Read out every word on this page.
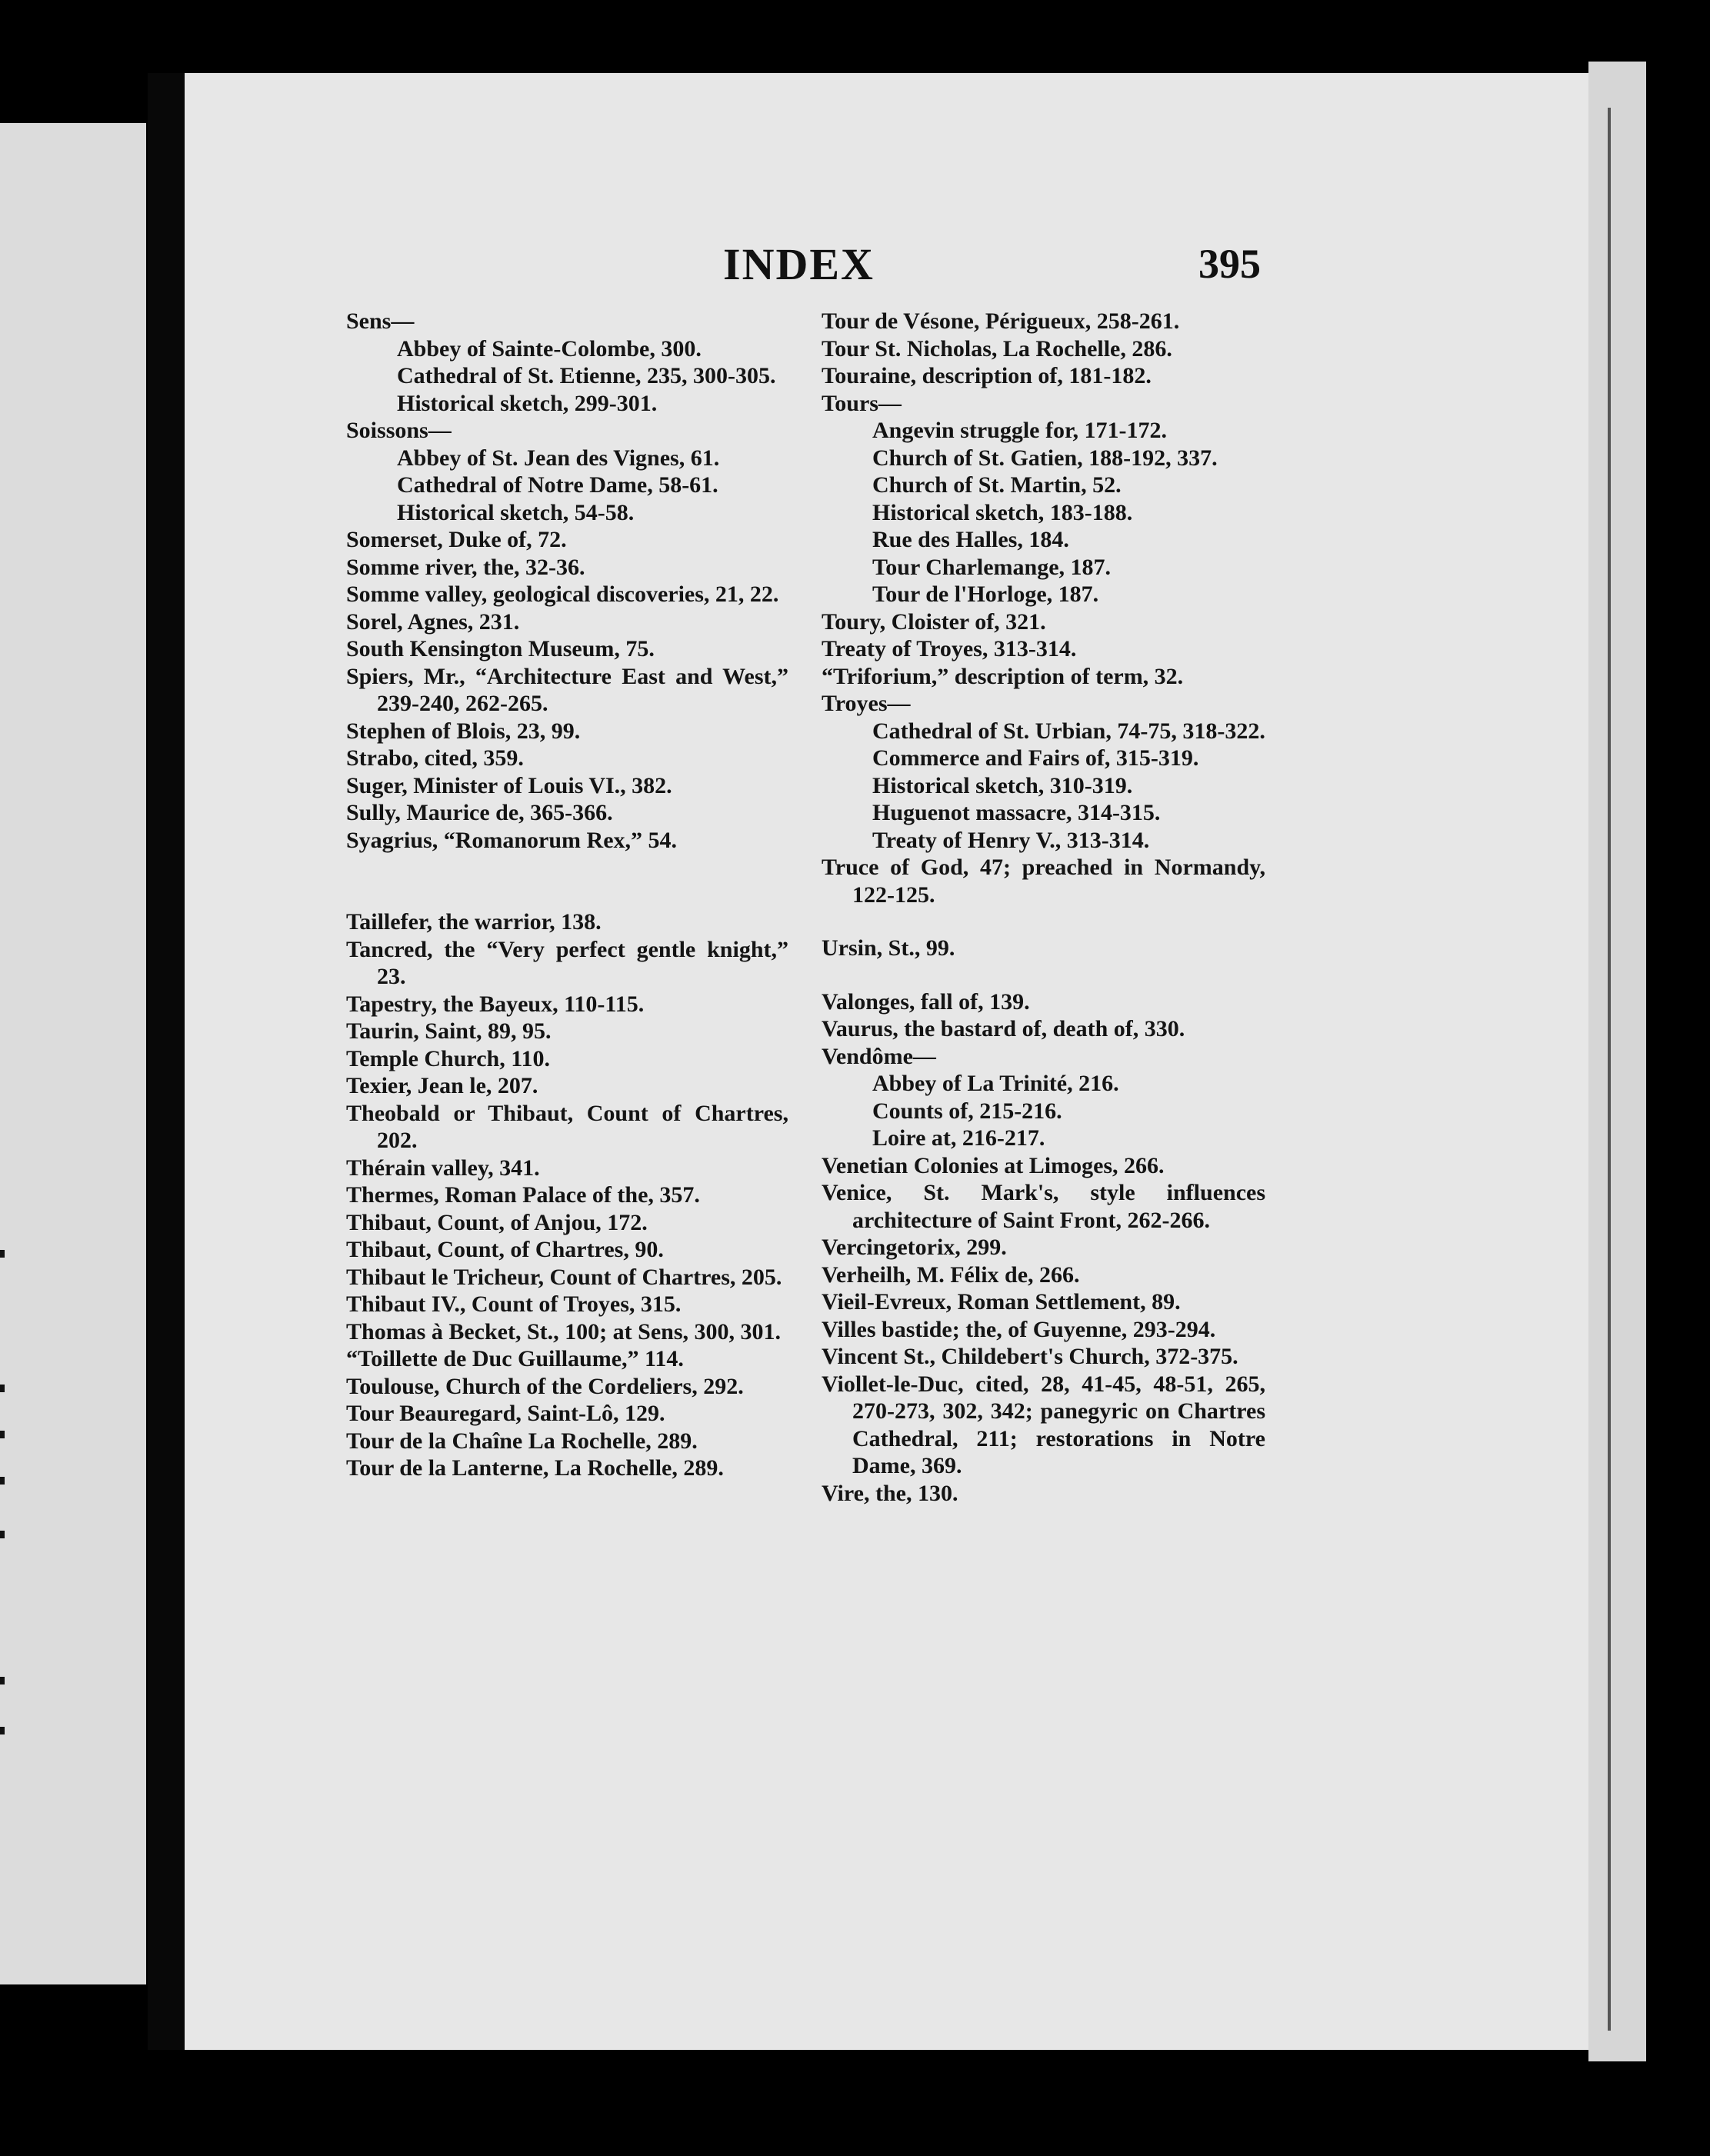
INDEX	395
Sens—
Abbey of Sainte-Colombe, 300.
Cathedral of St. Etienne, 235, 300-305.
Historical sketch, 299-301.
Soissons—
Abbey of St. Jean des Vignes, 61.
Cathedral of Notre Dame, 58-61.
Historical sketch, 54-58.
Somerset, Duke of, 72.
Somme river, the, 32-36.
Somme valley, geological discoveries, 21, 22.
Sorel, Agnes, 231.
South Kensington Museum, 75.
Spiers, Mr., “Architecture East and West,” 239-240, 262-265.
Stephen of Blois, 23, 99.
Strabo, cited, 359.
Suger, Minister of Louis VI., 382.
Sully, Maurice de, 365-366.
Syagrius, “Romanorum Rex,” 54.
Taillefer, the warrior, 138.
Tancred, the “Very perfect gentle knight,” 23.
Tapestry, the Bayeux, 110-115.
Taurin, Saint, 89, 95.
Temple Church, 110.
Texier, Jean le, 207.
Theobald or Thibaut, Count of Chartres, 202.
Thérain valley, 341.
Thermes, Roman Palace of the, 357.
Thibaut, Count, of Anjou, 172.
Thibaut, Count, of Chartres, 90.
Thibaut le Tricheur, Count of Chartres, 205.
Thibaut IV., Count of Troyes, 315.
Thomas à Becket, St., 100; at Sens, 300, 301.
“Toillette de Duc Guillaume,” 114.
Toulouse, Church of the Cordeliers, 292.
Tour Beauregard, Saint-Lô, 129.
Tour de la Chaîne La Rochelle, 289.
Tour de la Lanterne, La Rochelle, 289.
Tour de Vésone, Périgueux, 258-261.
Tour St. Nicholas, La Rochelle, 286.
Touraine, description of, 181-182.
Tours—
Angevin struggle for, 171-172.
Church of St. Gatien, 188-192, 337.
Church of St. Martin, 52.
Historical sketch, 183-188.
Rue des Halles, 184.
Tour Charlemange, 187.
Tour de l'Horloge, 187.
Toury, Cloister of, 321.
Treaty of Troyes, 313-314.
“Triforium,” description of term, 32.
Troyes—
Cathedral of St. Urbian, 74-75, 318-322.
Commerce and Fairs of, 315-319.
Historical sketch, 310-319.
Huguenot massacre, 314-315.
Treaty of Henry V., 313-314.
Truce of God, 47; preached in Normandy, 122-125.
Ursin, St., 99.
Valonges, fall of, 139.
Vaurus, the bastard of, death of, 330.
Vendôme—
Abbey of La Trinité, 216.
Counts of, 215-216.
Loire at, 216-217.
Venetian Colonies at Limoges, 266.
Venice, St. Mark's, style influences architecture of Saint Front, 262-266.
Vercingetorix, 299.
Verheilh, M. Félix de, 266.
Vieil-Evreux, Roman Settlement, 89.
Villes bastide; the, of Guyenne, 293-294.
Vincent St., Childebert's Church, 372-375.
Viollet-le-Duc, cited, 28, 41-45, 48-51, 265, 270-273, 302, 342; panegyric on Chartres Cathedral, 211; restorations in Notre Dame, 369.
Vire, the, 130.
